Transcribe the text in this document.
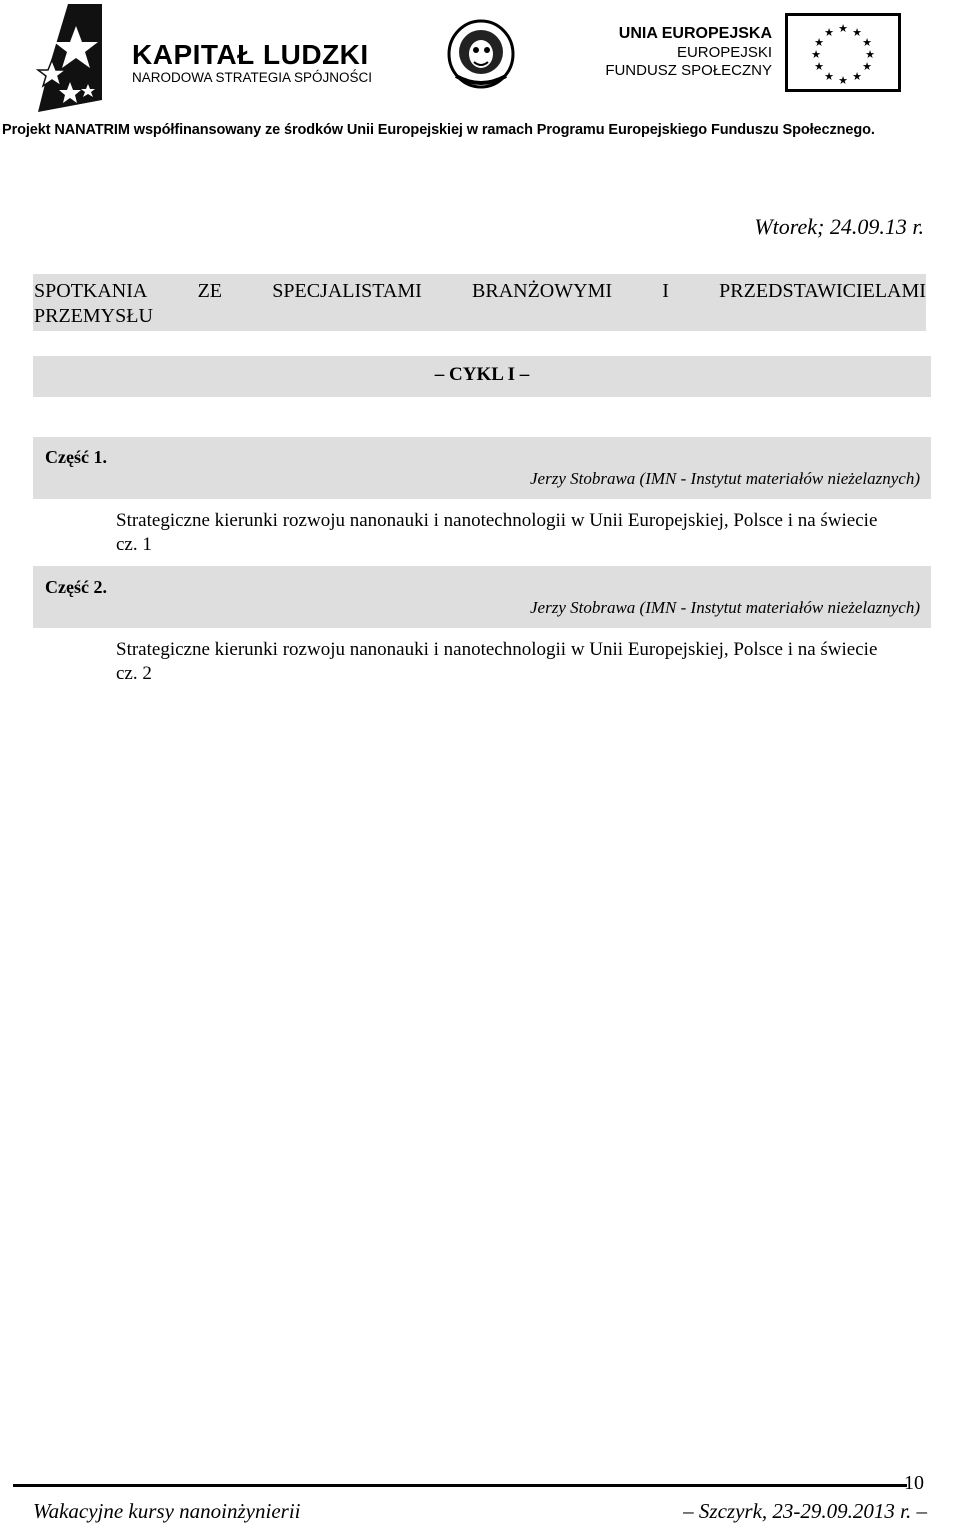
KAPITAŁ LUDZKI
NARODOWA STRATEGIA SPÓJNOŚCI
UNIA EUROPEJSKA
EUROPEJSKI
FUNDUSZ SPOŁECZNY
★ ★
★
★
★
★
★
★
★
★
★
★
Projekt NANATRIM współfinansowany ze środków Unii Europejskiej w ramach Programu Europejskiego Funduszu Społecznego.
Wtorek; 24.09.13 r.
SPOTKANIA	ZE	SPECJALISTAMI	BRANŻOWYMI	I	PRZEDSTAWICIELAMI
PRZEMYSŁU
– CYKL I –
Część 1.
Jerzy Stobrawa (IMN - Instytut materiałów nieżelaznych)
Strategiczne kierunki rozwoju nanonauki i nanotechnologii w Unii Europejskiej, Polsce i na świecie cz. 1
Część 2.
Jerzy Stobrawa (IMN - Instytut materiałów nieżelaznych)
Strategiczne kierunki rozwoju nanonauki i nanotechnologii w Unii Europejskiej, Polsce i na świecie cz. 2
10
Wakacyjne kursy nanoinżynierii	– Szczyrk, 23-29.09.2013 r. –
